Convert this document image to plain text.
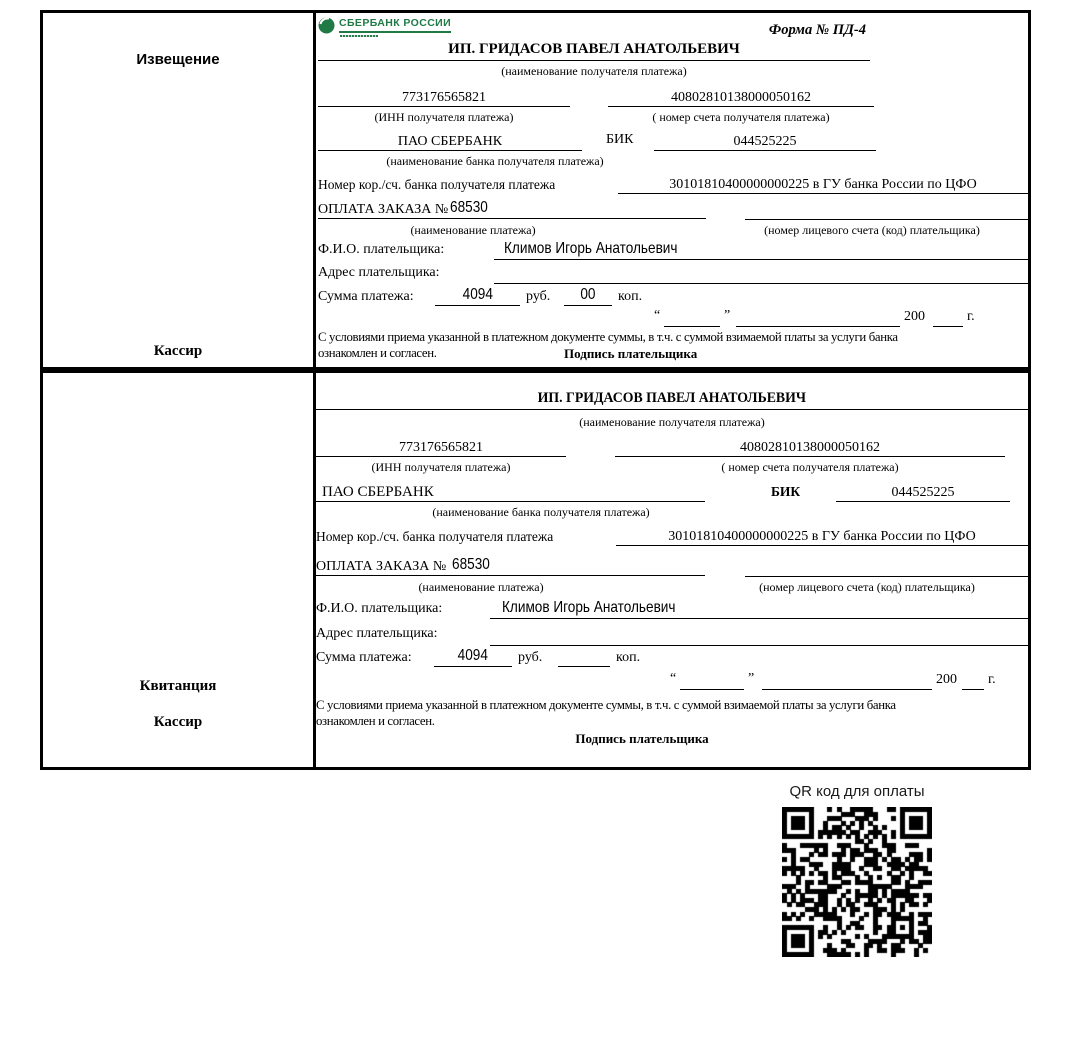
Извещение
Кассир
СБЕРБАНК РОССИИ	Форма № ПД-4
ИП. ГРИДАСОВ ПАВЕЛ АНАТОЛЬЕВИЧ
(наименование получателя платежа)
773176565821	40802810138000050162
(ИНН получателя платежа)	( номер счета получателя платежа)
ПАО СБЕРБАНК	БИК	044525225
(наименование банка получателя платежа)
Номер кор./сч. банка получателя платежа	30101810400000000225 в ГУ банка России по ЦФО
ОПЛАТА ЗАКАЗА № 68530
(наименование платежа)	(номер лицевого счета (код) плательщика)
Ф.И.О. плательщика:	Климов Игорь Анатольевич
Адрес плательщика:
Сумма платежа:	4094 руб. 00 коп.
“	”	200	г.
С условиями приема указанной в платежном документе суммы, в т.ч. с суммой взимаемой платы за услуги банка
ознакомлен и согласен.	Подпись плательщика
Квитанция
Кассир
ИП. ГРИДАСОВ ПАВЕЛ АНАТОЛЬЕВИЧ
(наименование получателя платежа)
773176565821	40802810138000050162
(ИНН получателя платежа)	( номер счета получателя платежа)
ПАО СБЕРБАНК	БИК	044525225
(наименование банка получателя платежа)
Номер кор./сч. банка получателя платежа	30101810400000000225 в ГУ банка России по ЦФО
ОПЛАТА ЗАКАЗА № 68530
(наименование платежа)	(номер лицевого счета (код) плательщика)
Ф.И.О. плательщика:	Климов Игорь Анатольевич
Адрес плательщика:
Сумма платежа:	4094 руб.	коп.
“	”	200 г.
С условиями приема указанной в платежном документе суммы, в т.ч. с суммой взимаемой платы за услуги банка
ознакомлен и согласен.
Подпись плательщика
QR код для оплаты
